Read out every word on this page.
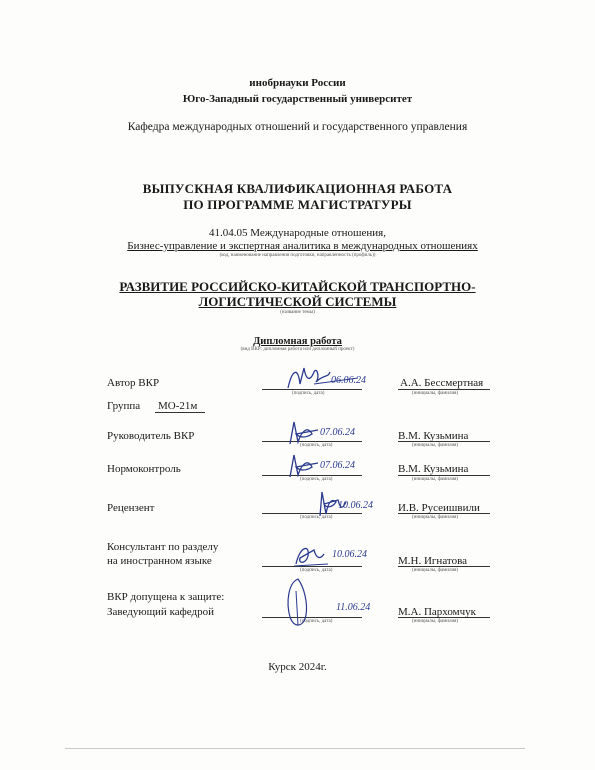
инобрнауки России
Юго-Западный государственный университет
Кафедра международных отношений и государственного управления
ВЫПУСКНАЯ КВАЛИФИКАЦИОННАЯ РАБОТА
ПО ПРОГРАММЕ МАГИСТРАТУРЫ
41.04.05 Международные отношения,
Бизнес-управление и экспертная аналитика в международных отношениях
(код, наименование направления подготовки, направленность (профиль))
РАЗВИТИЕ РОССИЙСКО-КИТАЙСКОЙ ТРАНСПОРТНО-
ЛОГИСТИЧЕСКОЙ СИСТЕМЫ
(название темы)
Дипломная работа
(вид ВКР: дипломная работа или дипломный проект)
Автор ВКР
(подпись, дата)
06.06.24	А.А. Бессмертная
(инициалы, фамилия)
Группа МО-21м
Руководитель ВКР
(подпись, дата)
07.06.24	В.М. Кузьмина
(инициалы, фамилия)
Нормоконтроль
(подпись, дата)
07.06.24	В.М. Кузьмина
(инициалы, фамилия)
Рецензент
(подпись, дата)
10.06.24 И.В. Русеишвили
(инициалы, фамилия)
Консультант по разделу
на иностранном языке
(подпись, дата)
10.06.24
М.Н. Игнатова
(инициалы, фамилия)
ВКР допущена к защите:
Заведующий кафедрой
(подпись, дата)
11.06.24	М.А. Пархомчук
(инициалы, фамилия)
Курск 2024г.
